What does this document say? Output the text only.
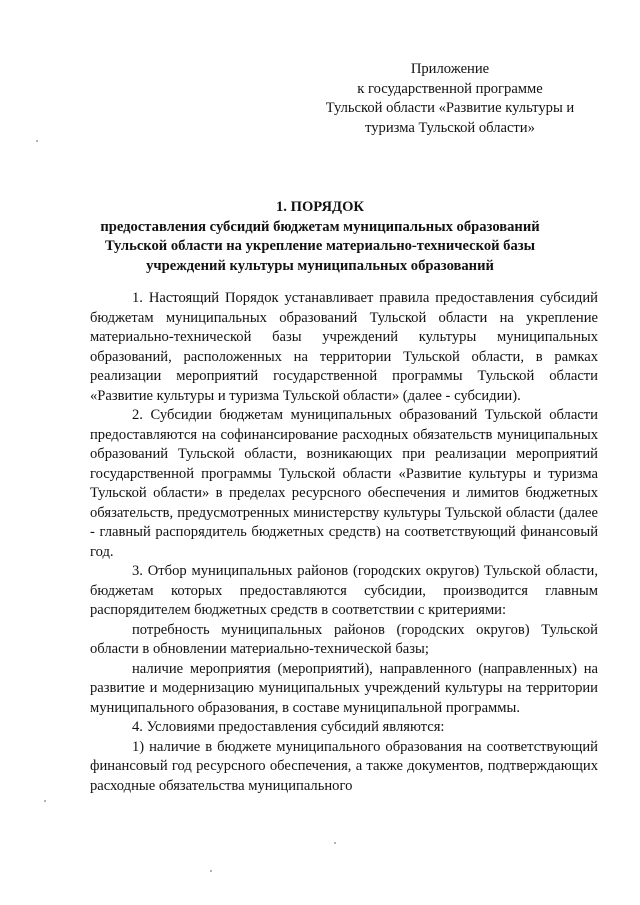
Приложение
к государственной программе
Тульской области «Развитие культуры и
туризма Тульской области»
1. ПОРЯДОК
предоставления субсидий бюджетам муниципальных образований
Тульской области на укрепление материально-технической базы
учреждений культуры муниципальных образований

1. Настоящий Порядок устанавливает правила предоставления субсидий бюджетам муниципальных образований Тульской области на укрепление материально-технической базы учреждений культуры муниципальных образований, расположенных на территории Тульской области, в рамках реализации мероприятий государственной программы Тульской области «Развитие культуры и туризма Тульской области» (далее - субсидии).

2. Субсидии бюджетам муниципальных образований Тульской области предоставляются на софинансирование расходных обязательств муниципальных образований Тульской области, возникающих при реализации мероприятий государственной программы Тульской области «Развитие культуры и туризма Тульской области» в пределах ресурсного обеспечения и лимитов бюджетных обязательств, предусмотренных министерству культуры Тульской области (далее - главный распорядитель бюджетных средств) на соответствующий финансовый год.

3. Отбор муниципальных районов (городских округов) Тульской области, бюджетам которых предоставляются субсидии, производится главным распорядителем бюджетных средств в соответствии с критериями:

потребность муниципальных районов (городских округов) Тульской области в обновлении материально-технической базы;

наличие мероприятия (мероприятий), направленного (направленных) на развитие и модернизацию муниципальных учреждений культуры на территории муниципального образования, в составе муниципальной программы.

4. Условиями предоставления субсидий являются:

1) наличие в бюджете муниципального образования на соответствующий финансовый год ресурсного обеспечения, а также документов, подтверждающих расходные обязательства муниципального
